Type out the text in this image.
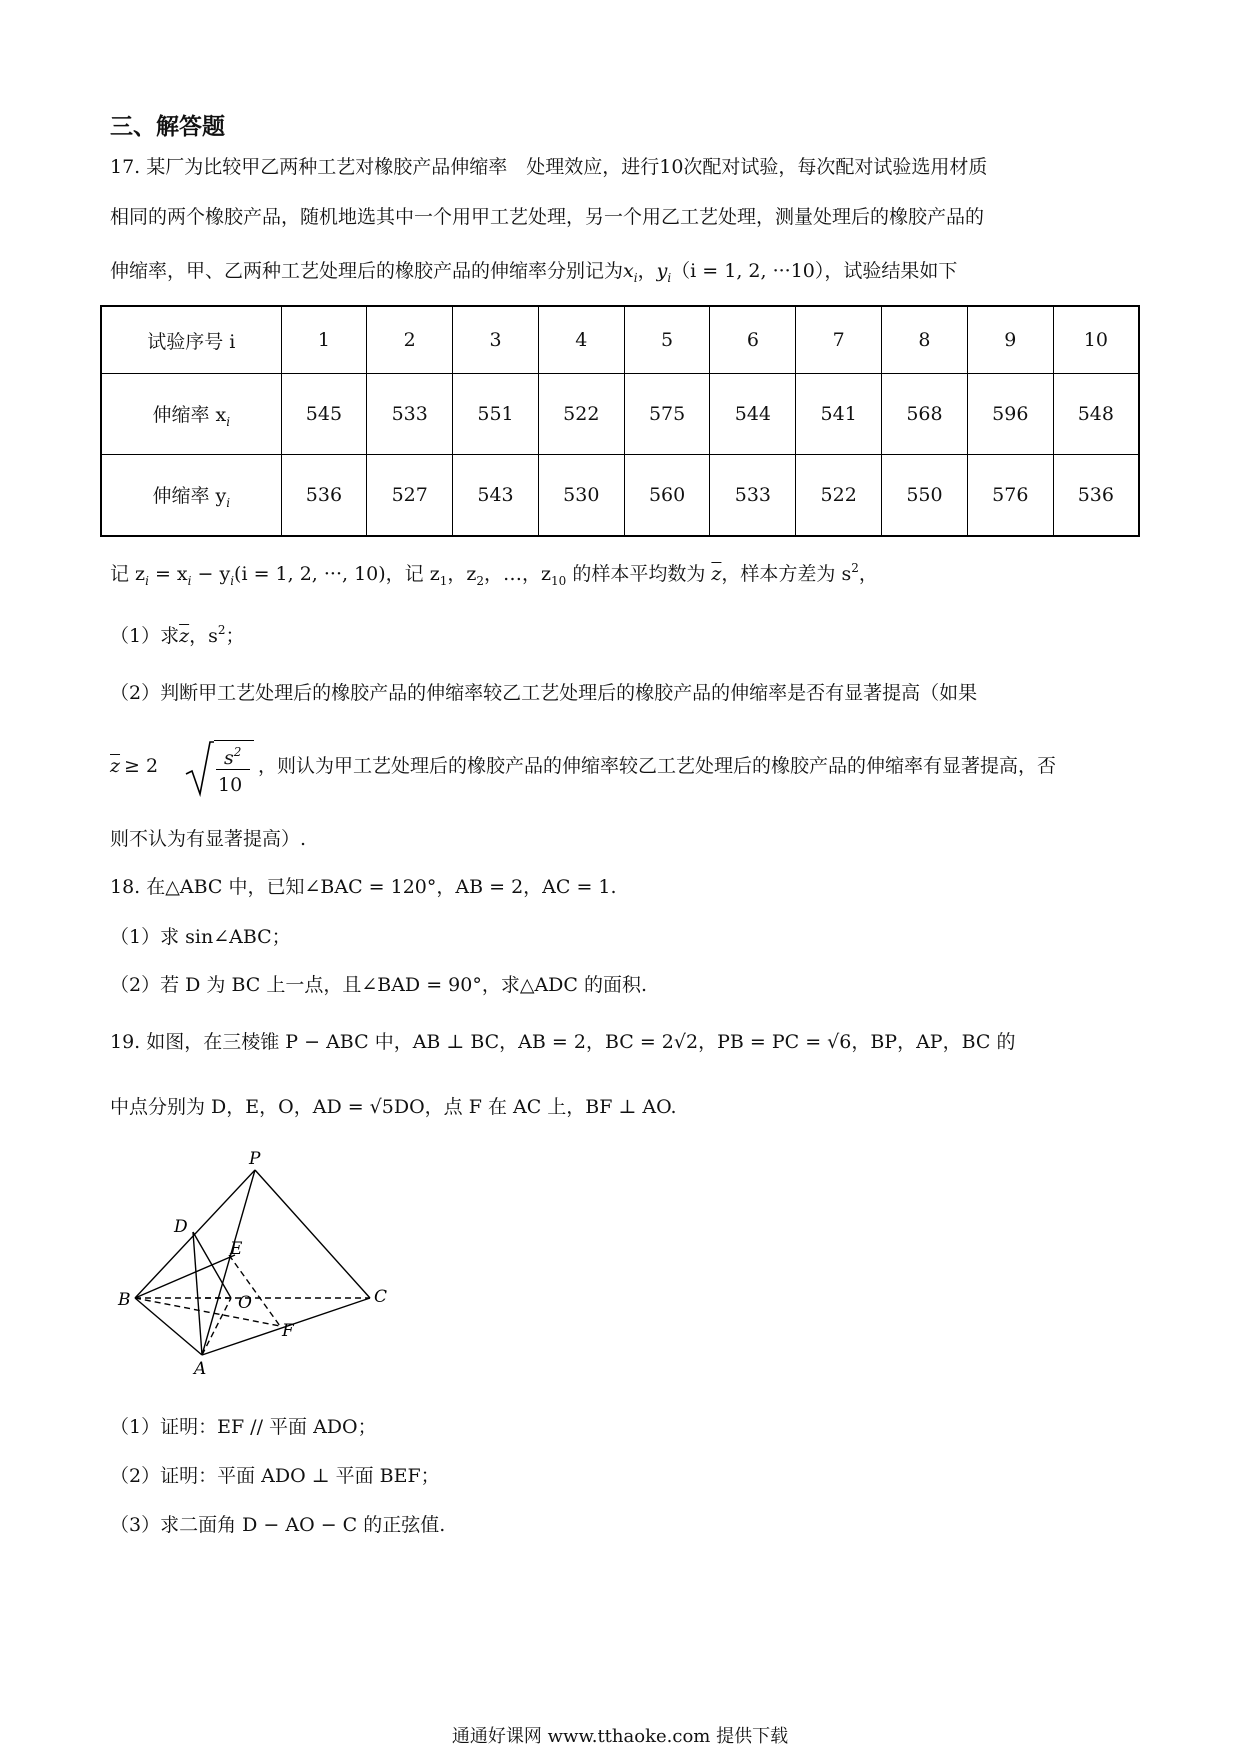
三、解答题
17. 某厂为比较甲乙两种工艺对橡胶产品伸缩率　处理效应，进行10次配对试验，每次配对试验选用材质
相同的两个橡胶产品，随机地选其中一个用甲工艺处理，另一个用乙工艺处理，测量处理后的橡胶产品的
伸缩率，甲、乙两种工艺处理后的橡胶产品的伸缩率分别记为$x_i$，$y_i(i = 1$, 2, ···10），试验结果如下
试验序号 i	1	2	3	4	5	6	7	8	9	10
伸缩率 $x_i$	545	533	551	522	575	544	541	568	596	548
伸缩率 $y_i$	536	527	543	530	560	533	522	550	576	536
记 $z_i = x_i - y_i(i = 1$, 2, ···, 10)，记 $z_1$，$z_2$，…，$z_{10}$ 的样本平均数为 $\overline{z}$，样本方差为 $s^2$，
（1）求$\overline{z}$，$s^2$；
（2）判断甲工艺处理后的橡胶产品的伸缩率较乙工艺处理后的橡胶产品的伸缩率是否有显著提高（如果
$\overline{z} \ge 2$	$s^2$
10
，则认为甲工艺处理后的橡胶产品的伸缩率较乙工艺处理后的橡胶产品的伸缩率有显著提高，否
则不认为有显著提高）.
18. 在△ABC 中，已知∠BAC = 120°，AB = 2，AC = 1.
（1）求 sin∠ABC；
（2）若 D 为 BC 上一点，且∠BAD = 90°，求△ADC 的面积.
19. 如图，在三棱锥 P − ABC 中，AB ⊥ BC，AB = 2，BC = 2√2，PB = PC = √6，BP，AP，BC 的
中点分别为 D，E，O，AD = √5DO，点 F 在 AC 上，BF ⊥ AO.
P
D
E
B	O	C
F
A
（1）证明：EF // 平面 ADO；
（2）证明：平面 ADO ⊥ 平面 BEF；
（3）求二面角 D − AO − C 的正弦值.
通通好课网 www.tthaoke.com 提供下载
